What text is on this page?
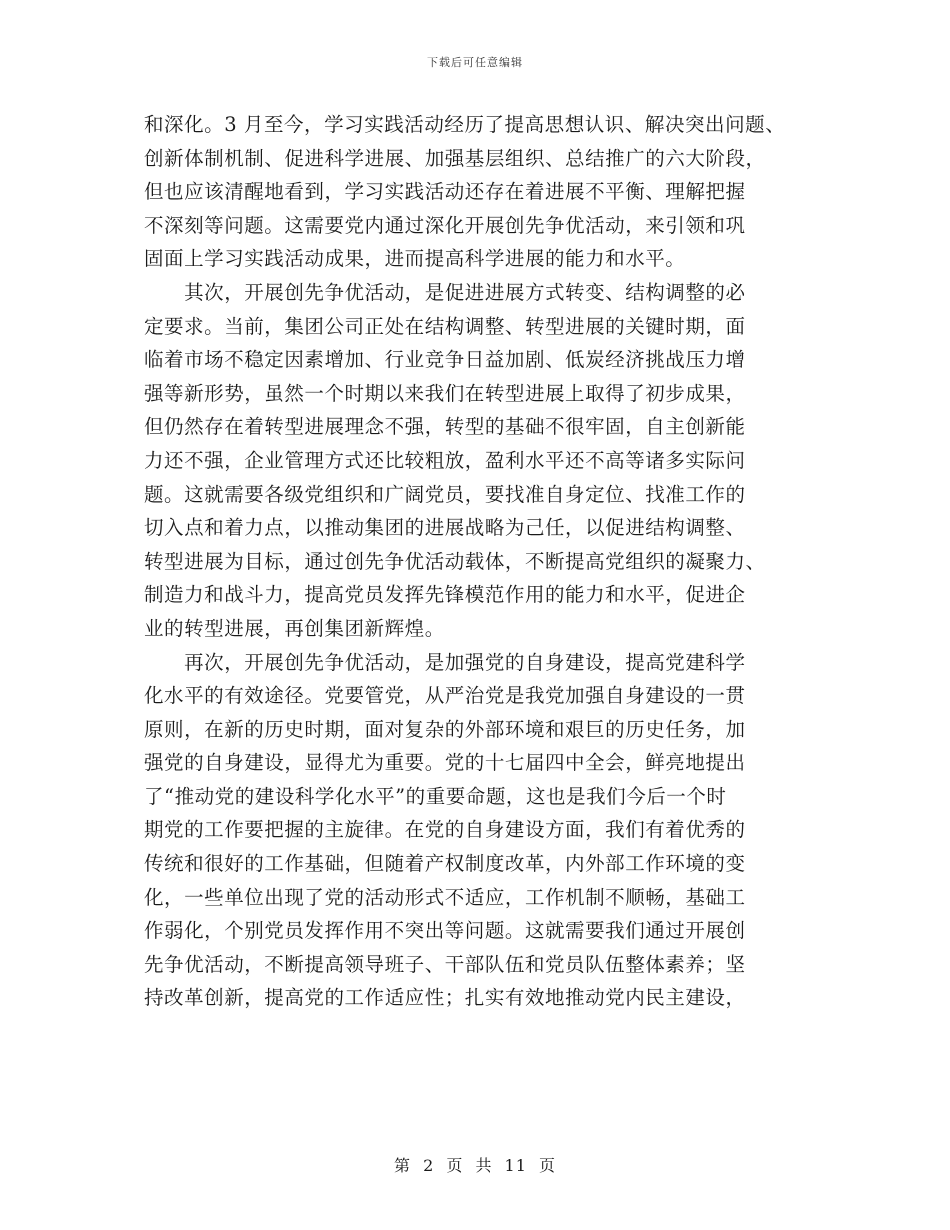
下载后可任意编辑
和深化。3 月至今，学习实践活动经历了提高思想认识、解决突出问题、
创新体制机制、促进科学进展、加强基层组织、总结推广的六大阶段，
但也应该清醒地看到，学习实践活动还存在着进展不平衡、理解把握
不深刻等问题。这需要党内通过深化开展创先争优活动，来引领和巩
固面上学习实践活动成果，进而提高科学进展的能力和水平。
　　其次，开展创先争优活动，是促进进展方式转变、结构调整的必
定要求。当前，集团公司正处在结构调整、转型进展的关键时期，面
临着市场不稳定因素增加、行业竞争日益加剧、低炭经济挑战压力增
强等新形势，虽然一个时期以来我们在转型进展上取得了初步成果，
但仍然存在着转型进展理念不强，转型的基础不很牢固，自主创新能
力还不强，企业管理方式还比较粗放，盈利水平还不高等诸多实际问
题。这就需要各级党组织和广阔党员，要找准自身定位、找准工作的
切入点和着力点，以推动集团的进展战略为己任，以促进结构调整、
转型进展为目标，通过创先争优活动载体，不断提高党组织的凝聚力、
制造力和战斗力，提高党员发挥先锋模范作用的能力和水平，促进企
业的转型进展，再创集团新辉煌。
　　再次，开展创先争优活动，是加强党的自身建设，提高党建科学
化水平的有效途径。党要管党，从严治党是我党加强自身建设的一贯
原则，在新的历史时期，面对复杂的外部环境和艰巨的历史任务，加
强党的自身建设，显得尤为重要。党的十七届四中全会，鲜亮地提出
了“推动党的建设科学化水平”的重要命题，这也是我们今后一个时
期党的工作要把握的主旋律。在党的自身建设方面，我们有着优秀的
传统和很好的工作基础，但随着产权制度改革，内外部工作环境的变
化，一些单位出现了党的活动形式不适应，工作机制不顺畅，基础工
作弱化，个别党员发挥作用不突出等问题。这就需要我们通过开展创
先争优活动，不断提高领导班子、干部队伍和党员队伍整体素养；坚
持改革创新，提高党的工作适应性；扎实有效地推动党内民主建设，
第 2 页 共 11 页
